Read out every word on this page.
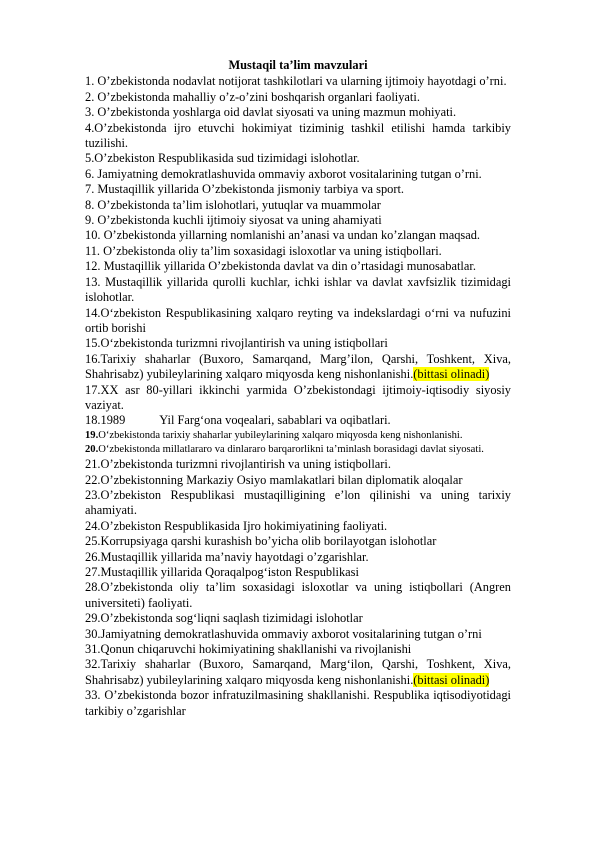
Mustaqil ta’lim mavzulari

1. O’zbekistonda nodavlat notijorat tashkilotlari va ularning ijtimoiy hayotdagi o’rni.

2. O’zbekistonda mahalliy o’z-o’zini boshqarish organlari faoliyati.

3. O’zbekistonda yoshlarga oid davlat siyosati va uning mazmun mohiyati.

4.O’zbekistonda ijro etuvchi hokimiyat tiziminig tashkil etilishi hamda tarkibiy tuzilishi.

5.O’zbekiston Respublikasida sud tizimidagi islohotlar.

6. Jamiyatning demokratlashuvida ommaviy axborot vositalarining tutgan o’rni.

7. Mustaqillik yillarida O’zbekistonda jismoniy tarbiya va sport.

8. O’zbekistonda ta’lim islohotlari, yutuqlar va muammolar

9. O’zbekistonda kuchli ijtimoiy siyosat va uning ahamiyati

10. O’zbekistonda yillarning nomlanishi an’anasi va undan ko’zlangan maqsad.

11. O’zbekistonda oliy ta’lim soxasidagi isloxotlar va uning istiqbollari.

12. Mustaqillik yillarida O’zbekistonda davlat va din o’rtasidagi munosabatlar.

13. Mustaqillik yillarida qurolli kuchlar, ichki ishlar va davlat xavfsizlik tizimidagi islohotlar.

14.O‘zbekiston Respublikasining xalqaro reyting va indekslardagi o‘rni va nufuzini ortib borishi

15.O‘zbekistonda turizmni rivojlantirish va uning istiqbollari

16.Tarixiy shaharlar (Buxoro, Samarqand, Marg’ilon, Qarshi, Toshkent, Xiva, Shahrisabz) yubileylarining xalqaro miqyosda keng nishonlanishi.(bittasi olinadi)

17.XX asr 80-yillari ikkinchi yarmida O’zbekistondagi ijtimoiy-iqtisodiy siyosiy vaziyat.

18.1989	Yil Farg‘ona voqealari, sabablari va oqibatlari.

19.O‘zbekistonda tarixiy shaharlar yubileylarining xalqaro miqyosda keng nishonlanishi.

20.O‘zbekistonda millatlararo va dinlararo barqarorlikni ta’minlash borasidagi davlat siyosati.

21.O’zbekistonda turizmni rivojlantirish va uning istiqbollari.

22.O’zbekistonning Markaziy Osiyo mamlakatlari bilan diplomatik aloqalar

23.O’zbekiston Respublikasi mustaqilligining e’lon qilinishi va uning tarixiy ahamiyati.

24.O’zbekiston Respublikasida Ijro hokimiyatining faoliyati.

25.Korrupsiyaga qarshi kurashish bo’yicha olib borilayotgan islohotlar

26.Mustaqillik yillarida ma’naviy hayotdagi o’zgarishlar.

27.Mustaqillik yillarida Qoraqalpog‘iston Respublikasi

28.O’zbekistonda oliy ta’lim soxasidagi isloxotlar va uning istiqbollari (Angren universiteti) faoliyati.

29.O’zbekistonda sog‘liqni saqlash tizimidagi islohotlar

30.Jamiyatning demokratlashuvida ommaviy axborot vositalarining tutgan o’rni

31.Qonun chiqaruvchi hokimiyatining shakllanishi va rivojlanishi

32.Tarixiy shaharlar (Buxoro, Samarqand, Marg‘ilon, Qarshi, Toshkent, Xiva, Shahrisabz) yubileylarining xalqaro miqyosda keng nishonlanishi.(bittasi olinadi)

33. O’zbekistonda bozor infratuzilmasining shakllanishi. Respublika iqtisodiyotidagi tarkibiy o’zgarishlar
